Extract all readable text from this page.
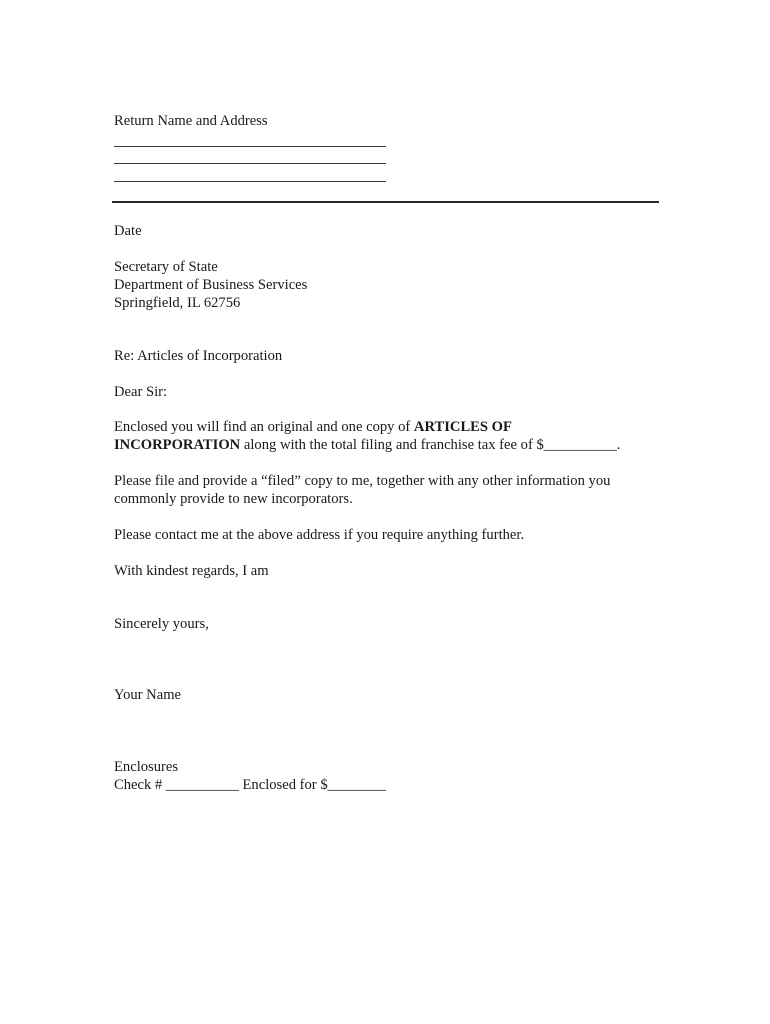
Return Name and Address
Date
Secretary of State
Department of Business Services
Springfield, IL 62756
Re: Articles of Incorporation
Dear Sir:
Enclosed you will find an original and one copy of ARTICLES OF
INCORPORATION along with the total filing and franchise tax fee of $__________.
Please file and provide a “filed” copy to me, together with any other information you
commonly provide to new incorporators.
Please contact me at the above address if you require anything further.
With kindest regards, I am
Sincerely yours,
Your Name
Enclosures
Check # __________ Enclosed for $________
